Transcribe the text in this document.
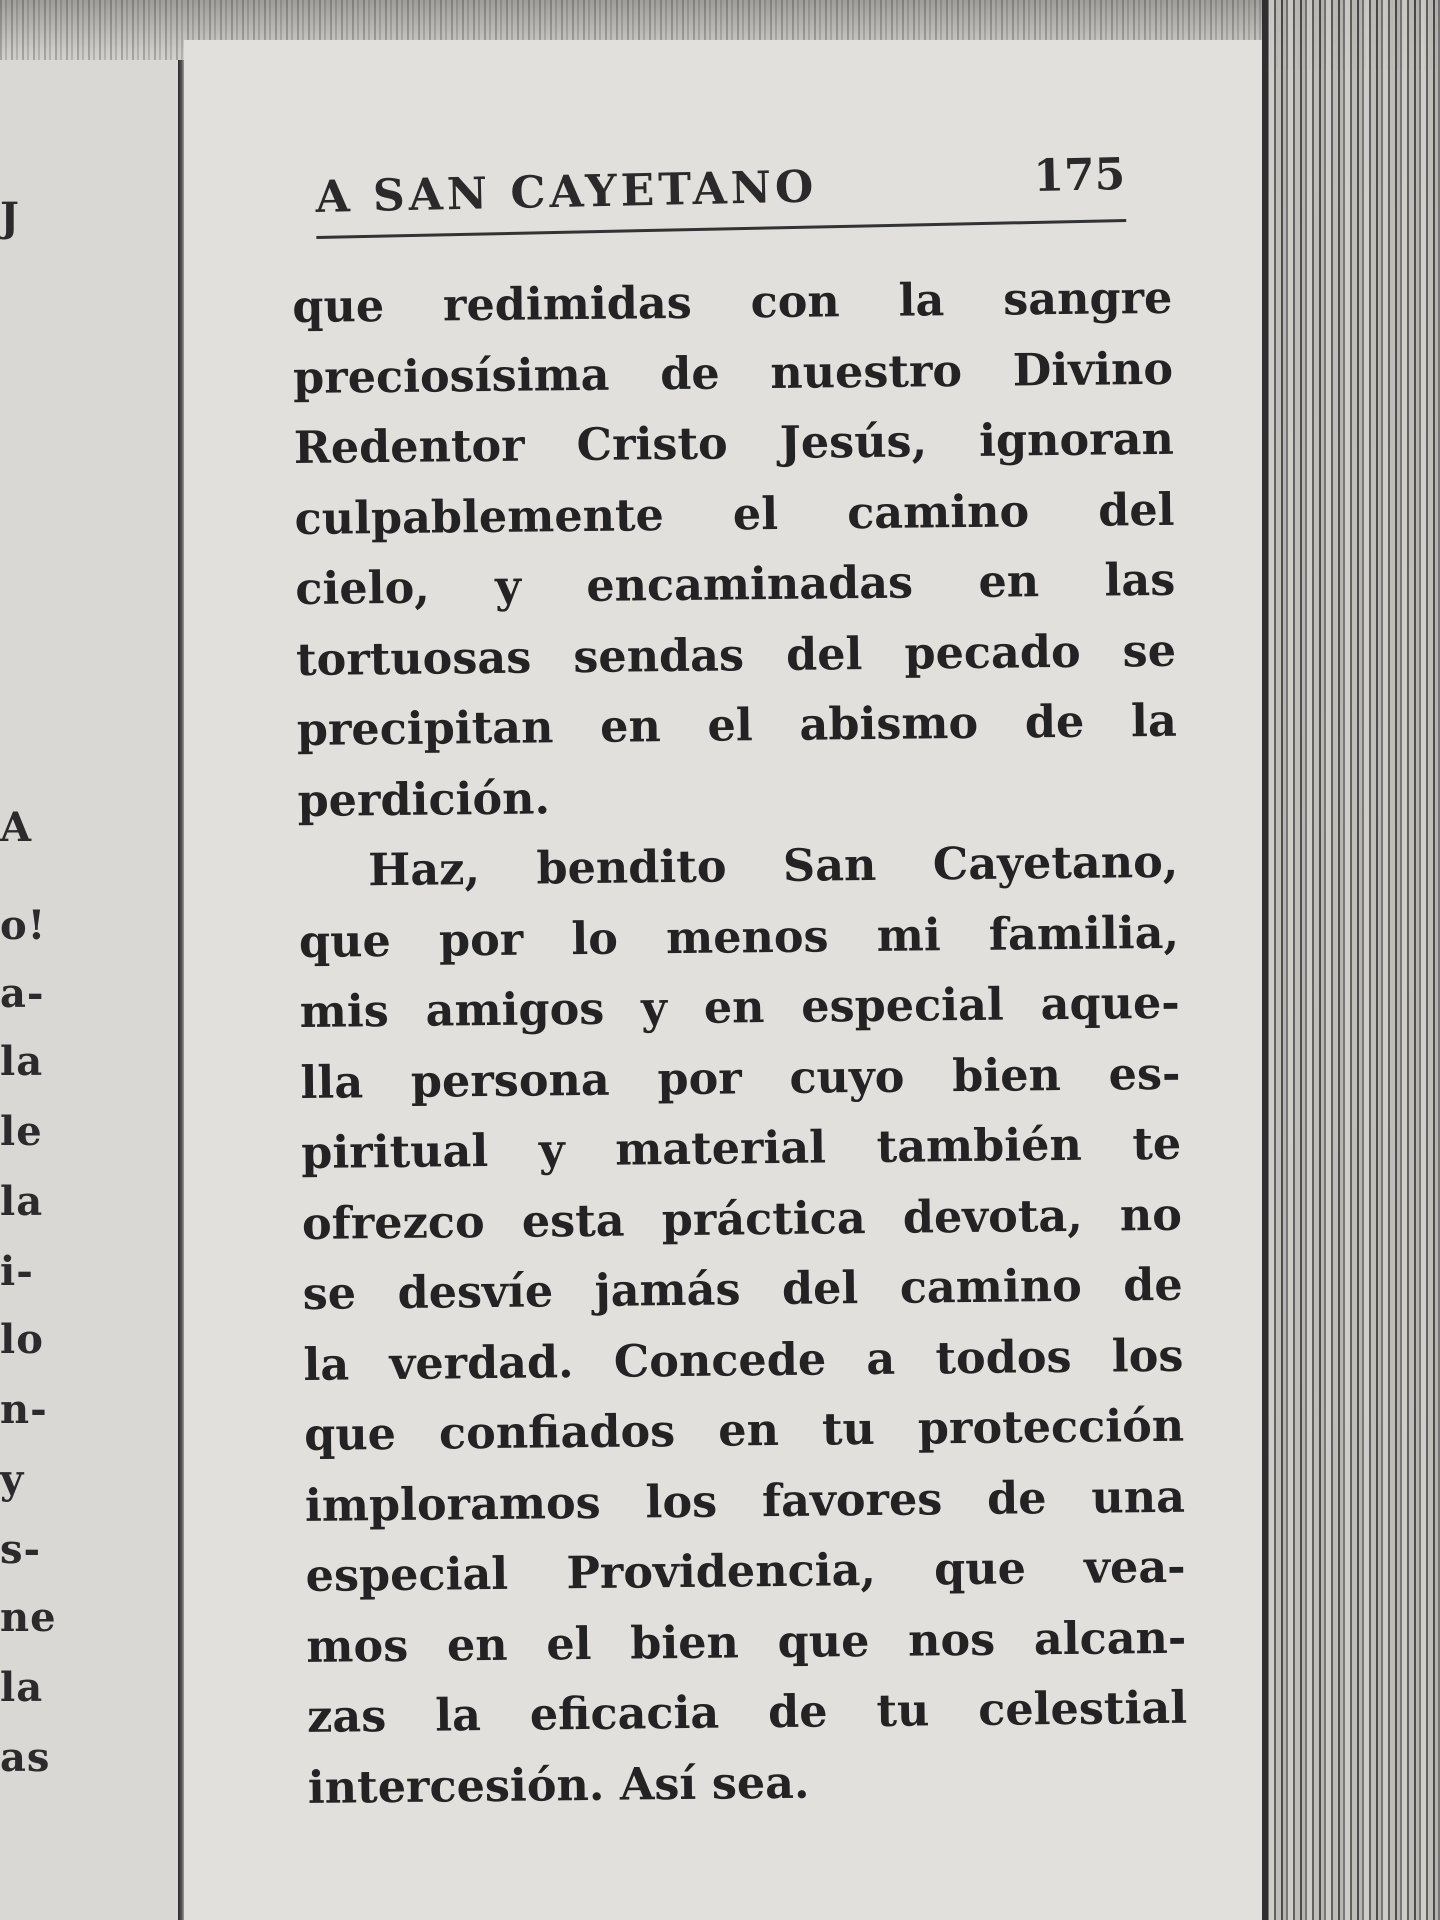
J
A
o!
a-
la
le
la
i-
lo
n-
y
s-
ne
la
as
A SAN CAYETANO	175
que redimidas con la sangre
preciosísima de nuestro Divino
Redentor Cristo Jesús, ignoran
culpablemente el camino del
cielo, y encaminadas en las
tortuosas sendas del pecado se
precipitan en el abismo de la
perdición.
Haz, bendito San Cayetano,
que por lo menos mi familia,
mis amigos y en especial aque-
lla persona por cuyo bien es-
piritual y material también te
ofrezco esta práctica devota, no
se desvíe jamás del camino de
la verdad. Concede a todos los
que confiados en tu protección
imploramos los favores de una
especial Providencia, que vea-
mos en el bien que nos alcan-
zas la eficacia de tu celestial
intercesión. Así sea.
